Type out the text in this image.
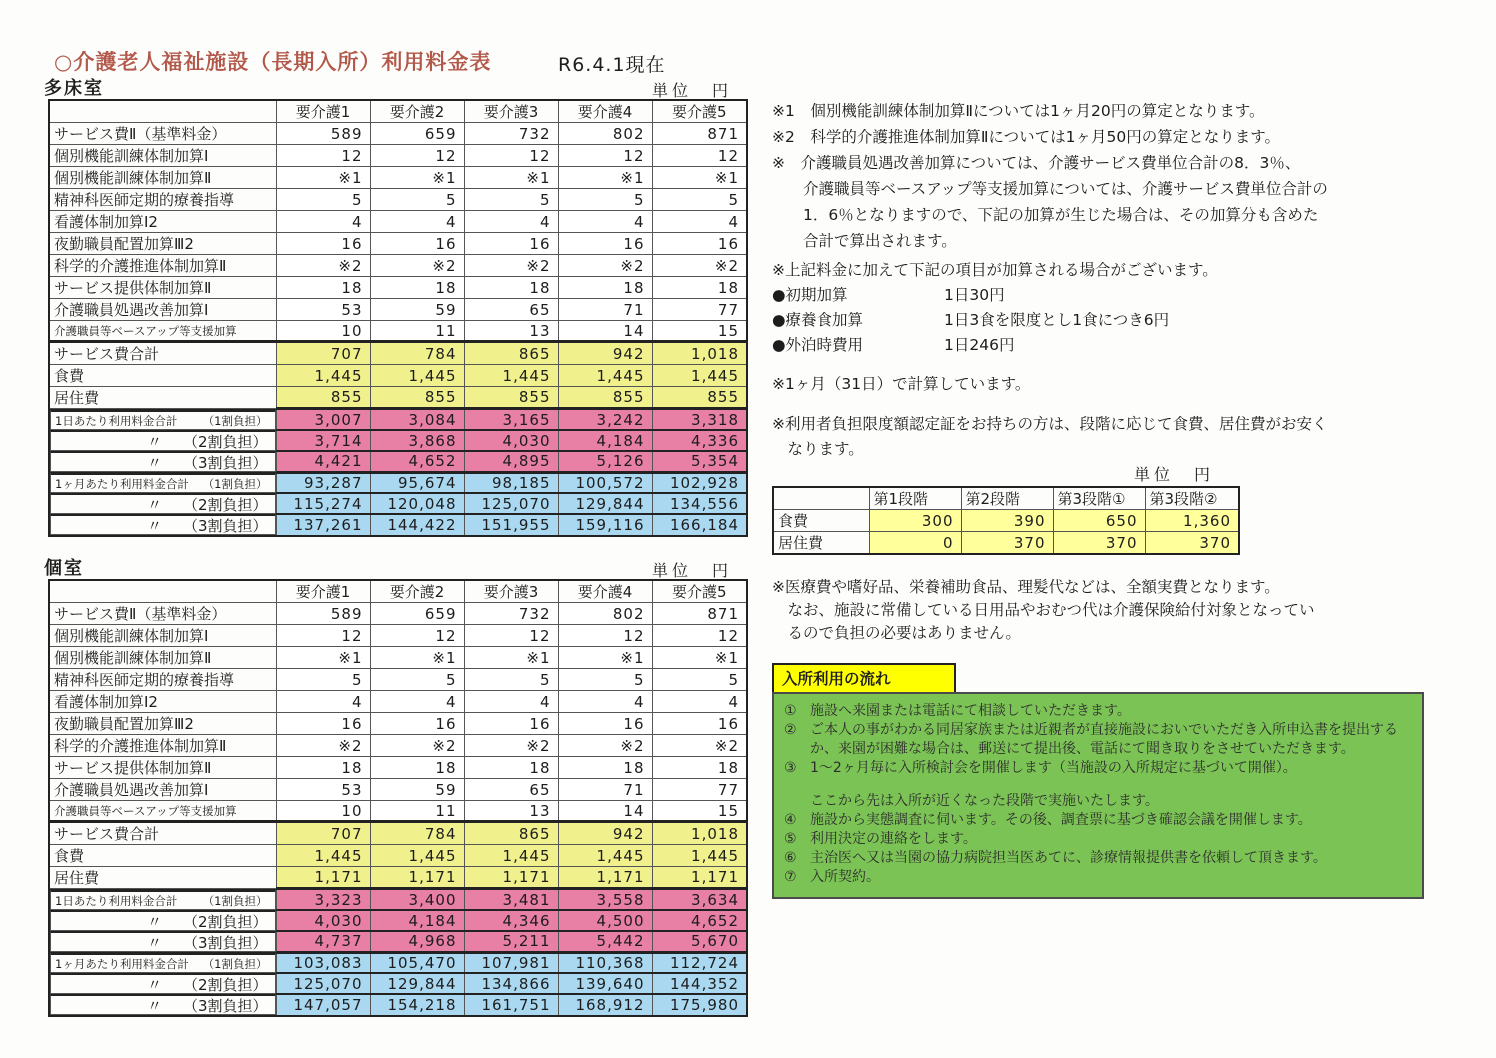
○介護老人福祉施設（長期入所）利用料金表	R6.4.1現在
多床室	単位　円
	要介護1	要介護2	要介護3	要介護4	要介護5
サービス費Ⅱ（基準料金）	589	659	732	802	871
個別機能訓練体制加算Ⅰ	12	12	12	12	12
個別機能訓練体制加算Ⅱ	※1	※1	※1	※1	※1
精神科医師定期的療養指導	5	5	5	5	5
看護体制加算Ⅰ2	4	4	4	4	4
夜勤職員配置加算Ⅲ2	16	16	16	16	16
科学的介護推進体制加算Ⅱ	※2	※2	※2	※2	※2
サービス提供体制加算Ⅱ	18	18	18	18	18
介護職員処遇改善加算Ⅰ	53	59	65	71	77
介護職員等ベースアップ等支援加算	10	11	13	14	15
サービス費合計	707	784	865	942	1,018
食費	1,445	1,445	1,445	1,445	1,445
居住費	855	855	855	855	855

1日あたり利用料金合計 （1割負担）	3,007	3,084	3,165	3,242	3,318

〃 （2割負担）	3,714	3,868	4,030	4,184	4,336

〃 （3割負担）	4,421	4,652	4,895	5,126	5,354

1ヶ月あたり利用料金合計 （1割負担） 93,287	95,674	98,185	100,572	102,928

〃 （2割負担） 115,274	120,048	125,070	129,844	134,556

〃 （3割負担） 137,261	144,422	151,955	159,116	166,184
個室	単位　円
	要介護1	要介護2	要介護3	要介護4	要介護5
サービス費Ⅱ（基準料金）	589	659	732	802	871
個別機能訓練体制加算Ⅰ	12	12	12	12	12
個別機能訓練体制加算Ⅱ	※1	※1	※1	※1	※1
精神科医師定期的療養指導	5	5	5	5	5
看護体制加算Ⅰ2	4	4	4	4	4
夜勤職員配置加算Ⅲ2	16	16	16	16	16
科学的介護推進体制加算Ⅱ	※2	※2	※2	※2	※2
サービス提供体制加算Ⅱ	18	18	18	18	18
介護職員処遇改善加算Ⅰ	53	59	65	71	77
介護職員等ベースアップ等支援加算	10	11	13	14	15
サービス費合計	707	784	865	942	1,018
食費	1,445	1,445	1,445	1,445	1,445
居住費	1,171	1,171	1,171	1,171	1,171

1日あたり利用料金合計 （1割負担）	3,323	3,400	3,481	3,558	3,634

〃 （2割負担）	4,030	4,184	4,346	4,500	4,652

〃 （3割負担）	4,737	4,968	5,211	5,442	5,670

1ヶ月あたり利用料金合計 （1割負担） 103,083	105,470	107,981	110,368	112,724

〃 （2割負担） 125,070	129,844	134,866	139,640	144,352

〃 （3割負担） 147,057	154,218	161,751	168,912	175,980
※1　個別機能訓練体制加算Ⅱについては1ヶ月20円の算定となります。
※2　科学的介護推進体制加算Ⅱについては1ヶ月50円の算定となります。
※　介護職員処遇改善加算については、介護サービス費単位合計の8．3％、
　　介護職員等ベースアップ等支援加算については、介護サービス費単位合計の
　　1．6％となりますので、下記の加算が生じた場合は、その加算分も含めた
　　合計で算出されます。
※上記料金に加えて下記の項目が加算される場合がございます。
●初期加算	1日30円
●療養食加算	1日3食を限度とし1食につき6円
●外泊時費用	1日246円
※1ヶ月（31日）で計算しています。
※利用者負担限度額認定証をお持ちの方は、段階に応じて食費、居住費がお安く
　なります。
単位　円
	第1段階	第2段階	第3段階①	第3段階②
食費	300	390	650	1,360
居住費	0	370	370	370
※医療費や嗜好品、栄養補助食品、理髪代などは、全額実費となります。
　なお、施設に常備している日用品やおむつ代は介護保険給付対象となってい
　るので負担の必要はありません。
入所利用の流れ
① 施設へ来園または電話にて相談していただきます。
② ご本人の事がわかる同居家族または近親者が直接施設においでいただき入所申込書を提出するか、来園が困難な場合は、郵送にて提出後、電話にて聞き取りをさせていただきます。
③ 1～2ヶ月毎に入所検討会を開催します（当施設の入所規定に基づいて開催）。
ここから先は入所が近くなった段階で実施いたします。
④ 施設から実態調査に伺います。その後、調査票に基づき確認会議を開催します。
⑤ 利用決定の連絡をします。
⑥ 主治医へ又は当園の協力病院担当医あてに、診療情報提供書を依頼して頂きます。
⑦ 入所契約。
